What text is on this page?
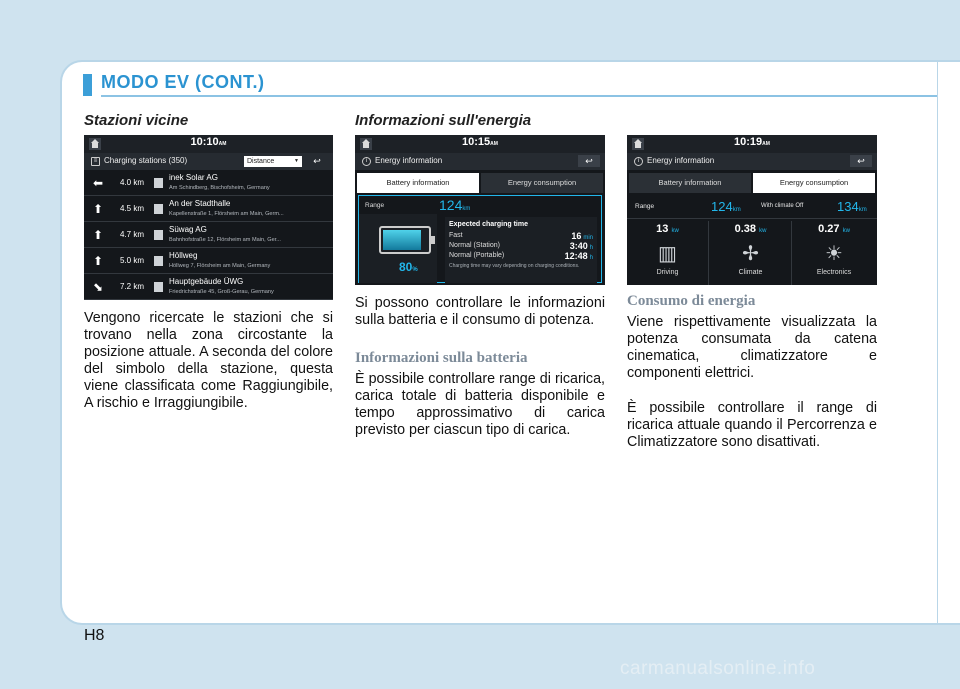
MODO EV (CONT.)
Stazioni vicine
10:10AM
≡ Charging stations (350)	Distance	▼	↩
⬅ 4.0 km
inek Solar AG
Am Schindberg, Bischofsheim, Germany
⬆ 4.5 km
An der Stadthalle
Kapellenstraße 1, Flörsheim am Main, Germ...
⬆ 4.7 km
Süwag AG
Bahnhofstraße 12, Flörsheim am Main, Ger...
⬆ 5.0 km
Höllweg
Höllweg 7, Flörsheim am Main, Germany
⬊ 7.2 km
Hauptgebäude ÜWG
Friedrichstraße 45, Groß-Gerau, Germany
Vengono ricercate le stazioni che si trovano nella zona circostante la posizione attuale. A seconda del colore del simbolo della stazione, questa viene classificata come Raggiungibile, A rischio e Irraggiungibile.
Informazioni sull'energia
10:15AM
i Energy information	↩
Battery information	Energy consumption
Range	124km
80%
Expected charging time
Fast	16 min
Normal (Station)	3:40 h
Normal (Portable)	12:48 h
Charging time may vary depending on charging conditions.
Si possono controllare le informazioni sulla batteria e il consumo di potenza.
Informazioni sulla batteria
È possibile controllare range di ricarica, carica totale di batteria disponibile e tempo approssimativo di carica previsto per ciascun tipo di carica.
10:19AM
i Energy information	↩
Battery information	Energy consumption
Range	124km
With climate Off	134km
13 kw
▥
Driving
0.38 kw
✢
Climate
0.27 kw
☀
Electronics
Consumo di energia
Viene rispettivamente visualizzata la potenza consumata da catena cinematica, climatizzatore e componenti elettrici.
È possibile controllare il range di ricarica attuale quando il Percorrenza e Climatizzatore sono disattivati.
H8
carmanualsonline.info
